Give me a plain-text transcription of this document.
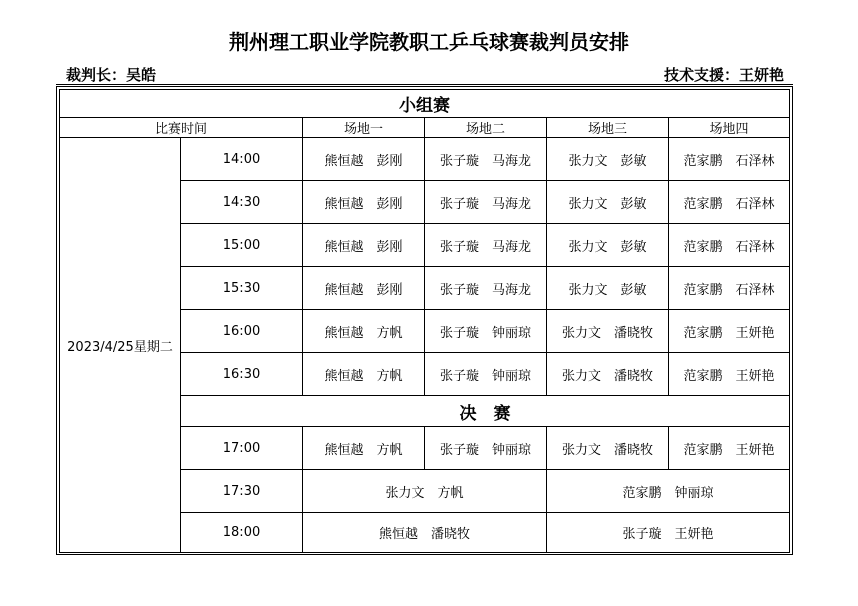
荆州理工职业学院教职工乒乓球赛裁判员安排
裁判长：吴皓	技术支援：王妍艳
小组赛					
比赛时间		场地一	场地二	场地三	场地四
2023/4/25星期二	14:00	熊恒越　彭刚	张子璇　马海龙	张力文　彭敏	范家鹏　石泽林
	14:30	熊恒越　彭刚	张子璇　马海龙	张力文　彭敏	范家鹏　石泽林
	15:00	熊恒越　彭刚	张子璇　马海龙	张力文　彭敏	范家鹏　石泽林
	15:30	熊恒越　彭刚	张子璇　马海龙	张力文　彭敏	范家鹏　石泽林
	16:00	熊恒越　方帆	张子璇　钟丽琼	张力文　潘晓牧	范家鹏　王妍艳
	16:30	熊恒越　方帆	张子璇　钟丽琼	张力文　潘晓牧	范家鹏　王妍艳
	决　赛				
	17:00	熊恒越　方帆	张子璇　钟丽琼	张力文　潘晓牧	范家鹏　王妍艳
	17:30	张力文　方帆		范家鹏　钟丽琼	
	18:00	熊恒越　潘晓牧		张子璇　王妍艳	
